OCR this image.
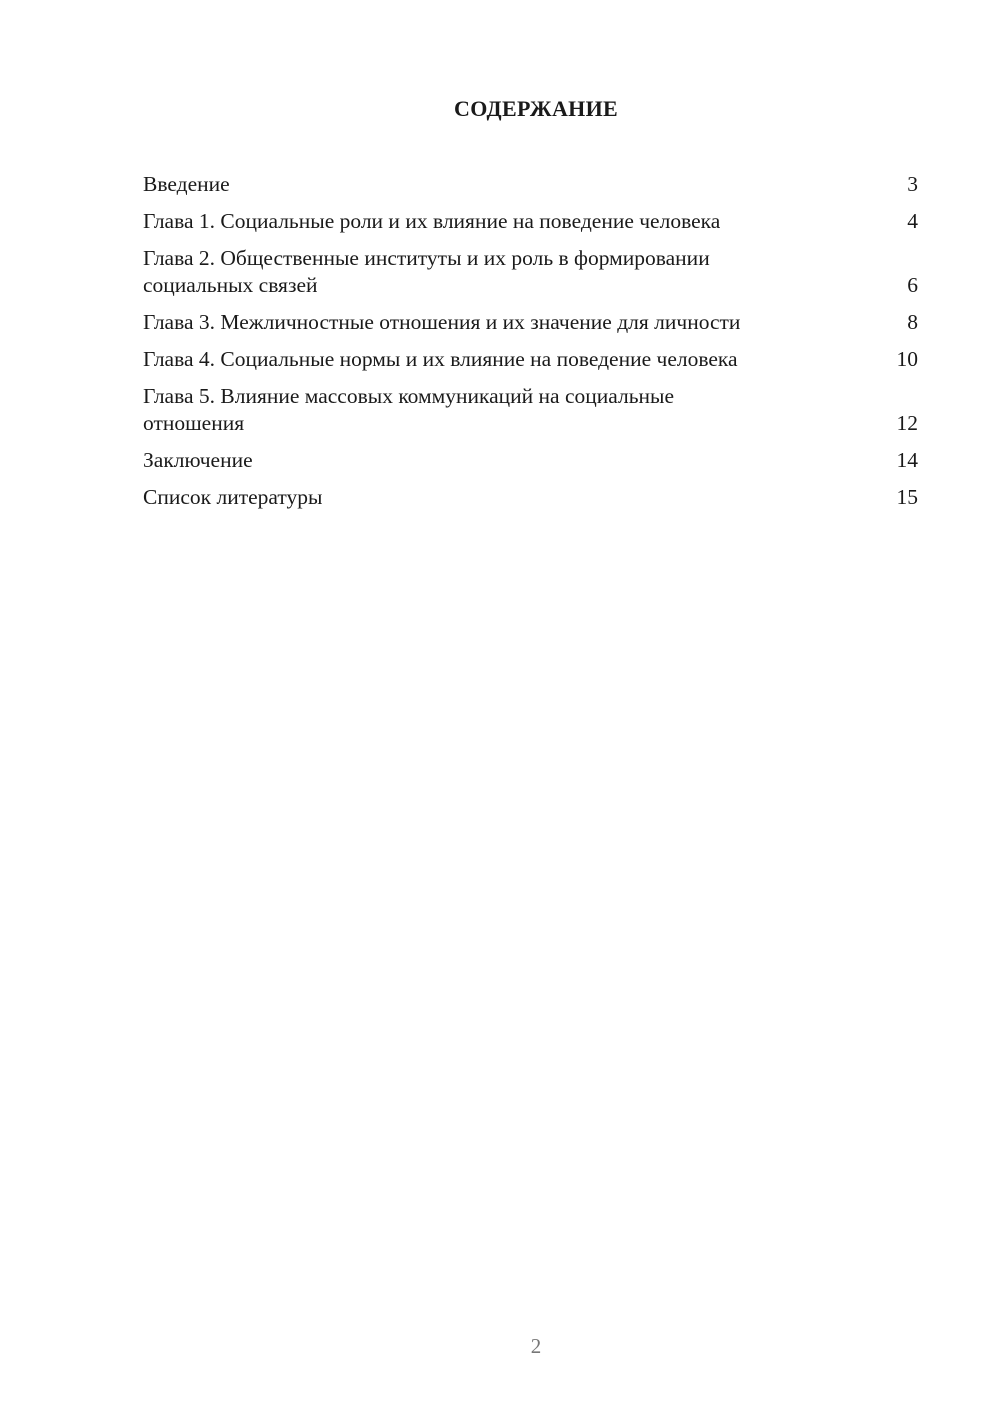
СОДЕРЖАНИЕ
Введение	3
Глава 1. Социальные роли и их влияние на поведение человека	4
Глава 2. Общественные институты и их роль в формировании социальных связей	6
Глава 3. Межличностные отношения и их значение для личности	8
Глава 4. Социальные нормы и их влияние на поведение человека	10
Глава 5. Влияние массовых коммуникаций на социальные отношения	12
Заключение	14
Список литературы	15
2
